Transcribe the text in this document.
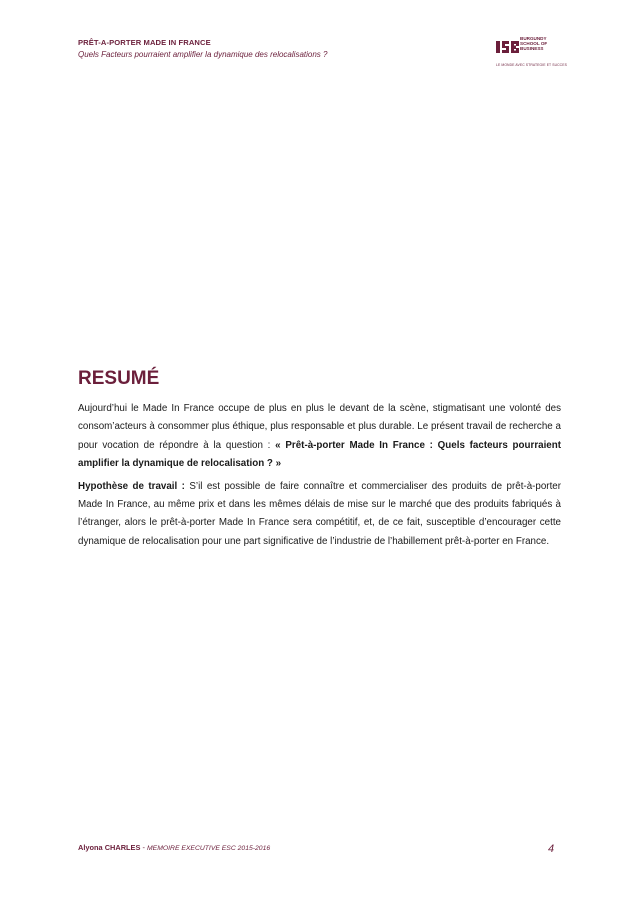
PRÊT-A-PORTER MADE IN FRANCE
Quels Facteurs pourraient amplifier la dynamique des relocalisations ?
BURGUNDY
SCHOOL OF
BUSINESS
LE MONDE AVEC STRATEGIE ET SUCCES
RESUMÉ

Aujourd’hui le Made In France occupe de plus en plus le devant de la scène, stigmatisant une volonté des consom’acteurs à consommer plus éthique, plus responsable et plus durable. Le présent travail de recherche a pour vocation de répondre à la question : « Prêt-à-porter Made In France : Quels facteurs pourraient amplifier la dynamique de relocalisation ? »

Hypothèse de travail : S’il est possible de faire connaître et commercialiser des produits de prêt-à-porter Made In France, au même prix et dans les mêmes délais de mise sur le marché que des produits fabriqués à l’étranger, alors le prêt-à-porter Made In France sera compétitif, et, de ce fait, susceptible d’encourager cette dynamique de relocalisation pour une part significative de l’industrie de l’habillement prêt-à-porter en France.

Alyona CHARLES - MEMOIRE EXECUTIVE ESC 2015-2016	4
